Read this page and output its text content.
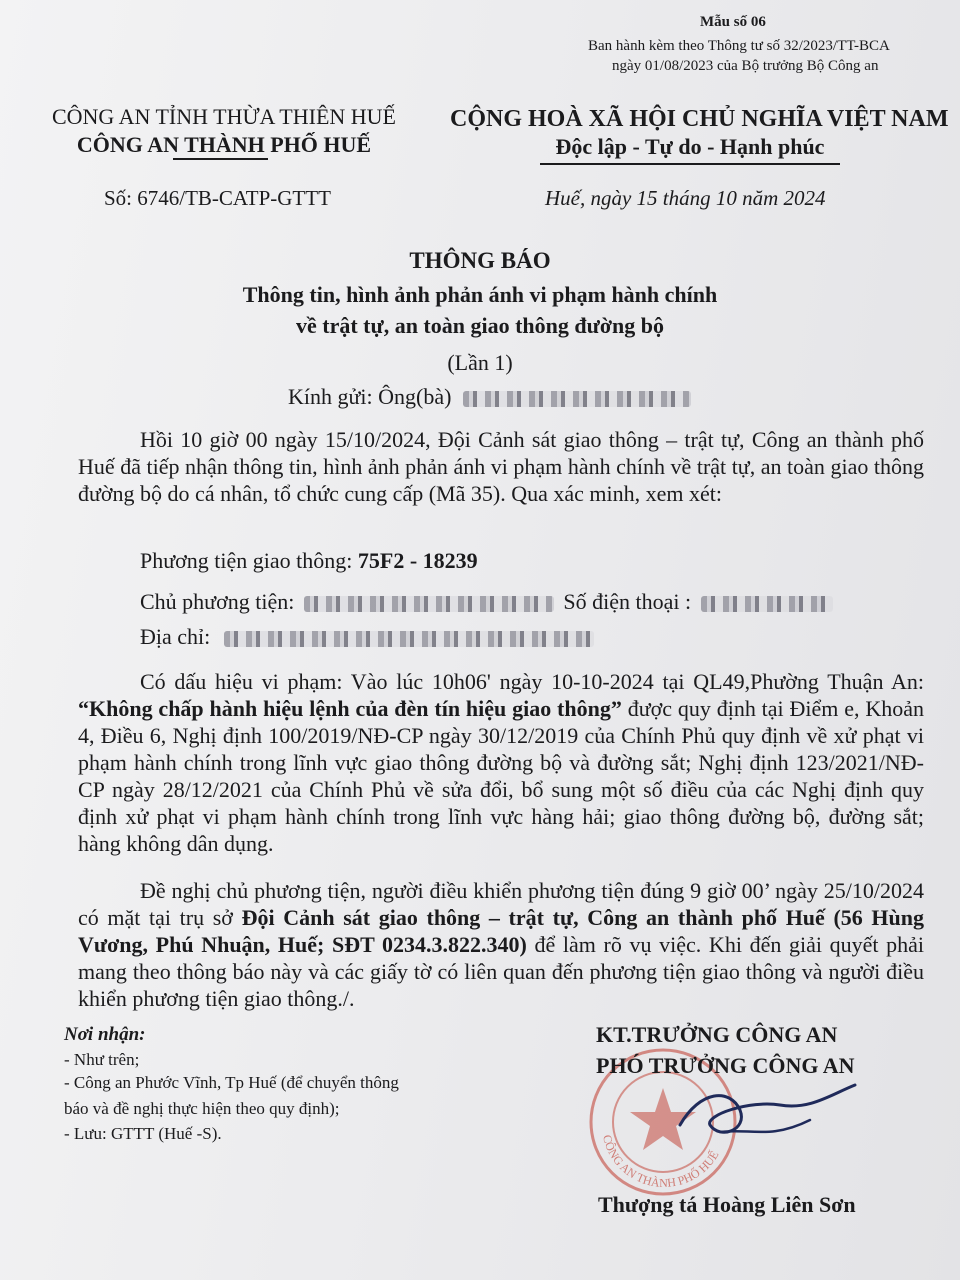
Mẫu số 06
Ban hành kèm theo Thông tư số 32/2023/TT-BCA
ngày 01/08/2023 của Bộ trưởng Bộ Công an
CÔNG AN TỈNH THỪA THIÊN HUẾ
CÔNG AN THÀNH PHỐ HUẾ
CỘNG HOÀ XÃ HỘI CHỦ NGHĨA VIỆT NAM
Độc lập - Tự do - Hạnh phúc
Số: 6746/TB-CATP-GTTT	Huế, ngày 15 tháng 10 năm 2024
THÔNG BÁO
Thông tin, hình ảnh phản ánh vi phạm hành chính
về trật tự, an toàn giao thông đường bộ
(Lần 1)
Kính gửi: Ông(bà)
Hồi 10 giờ 00 ngày 15/10/2024, Đội Cảnh sát giao thông – trật tự, Công an thành phố Huế đã tiếp nhận thông tin, hình ảnh phản ánh vi phạm hành chính về trật tự, an toàn giao thông đường bộ do cá nhân, tổ chức cung cấp (Mã 35). Qua xác minh, xem xét:
Phương tiện giao thông: 75F2 - 18239
Chủ phương tiện:	Số điện thoại :
Địa chỉ:
Có dấu hiệu vi phạm: Vào lúc 10h06' ngày 10-10-2024 tại QL49,Phường Thuận An: “Không chấp hành hiệu lệnh của đèn tín hiệu giao thông” được quy định tại Điểm e, Khoản 4, Điều 6, Nghị định 100/2019/NĐ-CP ngày 30/12/2019 của Chính Phủ quy định về xử phạt vi phạm hành chính trong lĩnh vực giao thông đường bộ và đường sắt; Nghị định 123/2021/NĐ-CP ngày 28/12/2021 của Chính Phủ về sửa đổi, bổ sung một số điều của các Nghị định quy định xử phạt vi phạm hành chính trong lĩnh vực hàng hải; giao thông đường bộ, đường sắt; hàng không dân dụng.
Đề nghị chủ phương tiện, người điều khiển phương tiện đúng 9 giờ 00’ ngày 25/10/2024 có mặt tại trụ sở Đội Cảnh sát giao thông – trật tự, Công an thành phố Huế (56 Hùng Vương, Phú Nhuận, Huế; SĐT 0234.3.822.340) để làm rõ vụ việc. Khi đến giải quyết phải mang theo thông báo này và các giấy tờ có liên quan đến phương tiện giao thông và người điều khiển phương tiện giao thông./.
Nơi nhận:
- Như trên;
- Công an Phước Vĩnh, Tp Huế (để chuyển thông
báo và đề nghị thực hiện theo quy định);
- Lưu: GTTT (Huế -S).	CÔNG AN THÀNH PHỐ HUẾ
KT.TRƯỞNG CÔNG AN
PHÓ TRƯỞNG CÔNG AN
Thượng tá Hoàng Liên Sơn
